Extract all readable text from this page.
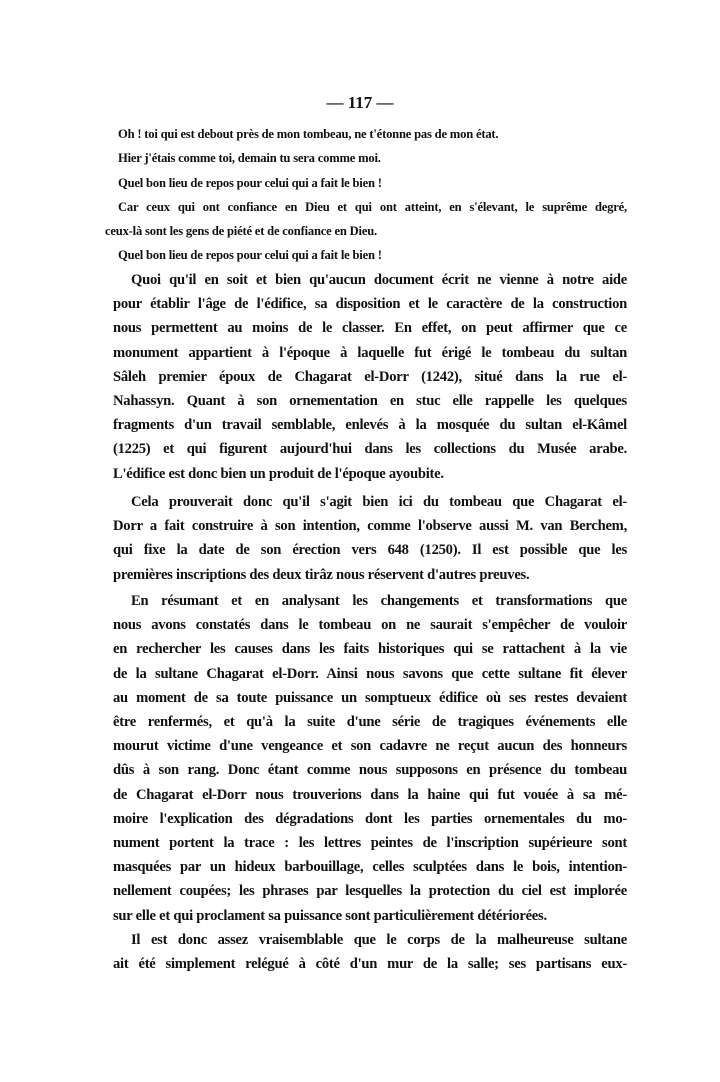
— 117 —
Oh ! toi qui est debout près de mon tombeau, ne t'étonne pas de mon état.
Hier j'étais comme toi, demain tu sera comme moi.
Quel bon lieu de repos pour celui qui a fait le bien !
Car ceux qui ont confiance en Dieu et qui ont atteint, en s'élevant, le suprême degré,
ceux-là sont les gens de piété et de confiance en Dieu.
Quel bon lieu de repos pour celui qui a fait le bien !
Quoi qu'il en soit et bien qu'aucun document écrit ne vienne à notre aide
pour établir l'âge de l'édifice, sa disposition et le caractère de la construction
nous permettent au moins de le classer. En effet, on peut affirmer que ce
monument appartient à l'époque à laquelle fut érigé le tombeau du sultan
Sâleh premier époux de Chagarat el-Dorr (1242), situé dans la rue el-
Nahassyn. Quant à son ornementation en stuc elle rappelle les quelques
fragments d'un travail semblable, enlevés à la mosquée du sultan el-Kâmel
(1225) et qui figurent aujourd'hui dans les collections du Musée arabe.
L'édifice est donc bien un produit de l'époque ayoubite.
Cela prouverait donc qu'il s'agit bien ici du tombeau que Chagarat el-
Dorr a fait construire à son intention, comme l'observe aussi M. van Berchem,
qui fixe la date de son érection vers 648 (1250). Il est possible que les
premières inscriptions des deux tirâz nous réservent d'autres preuves.
En résumant et en analysant les changements et transformations que
nous avons constatés dans le tombeau on ne saurait s'empêcher de vouloir
en rechercher les causes dans les faits historiques qui se rattachent à la vie
de la sultane Chagarat el-Dorr. Ainsi nous savons que cette sultane fit élever
au moment de sa toute puissance un somptueux édifice où ses restes devaient
être renfermés, et qu'à la suite d'une série de tragiques événements elle
mourut victime d'une vengeance et son cadavre ne reçut aucun des honneurs
dûs à son rang. Donc étant comme nous supposons en présence du tombeau
de Chagarat el-Dorr nous trouverions dans la haine qui fut vouée à sa mé-
moire l'explication des dégradations dont les parties ornementales du mo-
nument portent la trace : les lettres peintes de l'inscription supérieure sont
masquées par un hideux barbouillage, celles sculptées dans le bois, intention-
nellement coupées; les phrases par lesquelles la protection du ciel est implorée
sur elle et qui proclament sa puissance sont particulièrement détériorées.
Il est donc assez vraisemblable que le corps de la malheureuse sultane
ait été simplement relégué à côté d'un mur de la salle; ses partisans eux-
